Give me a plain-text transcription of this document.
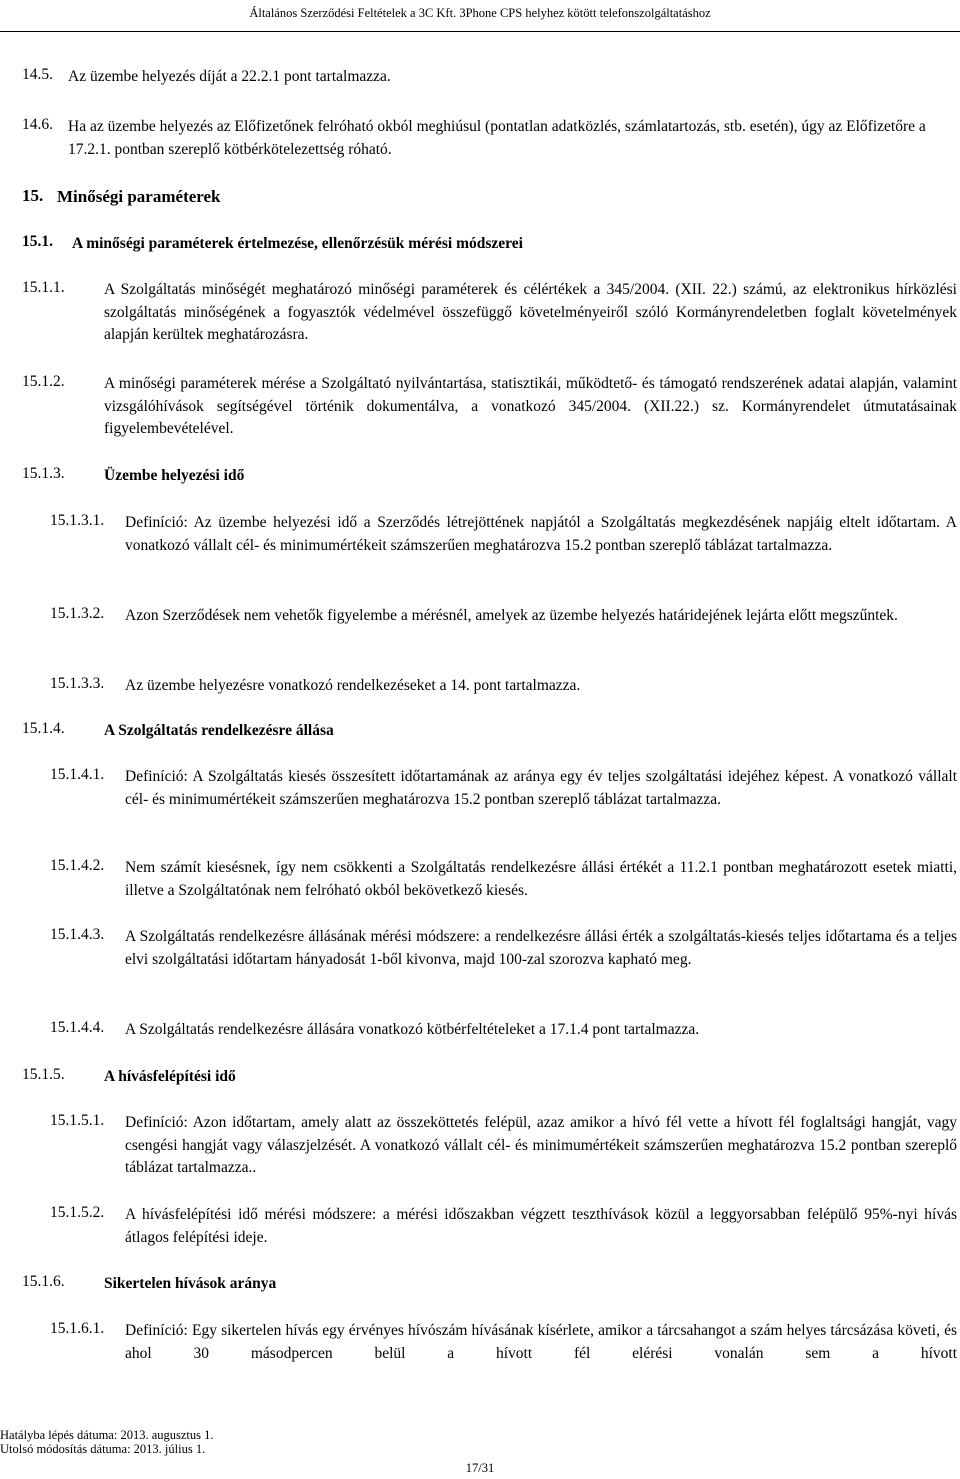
Általános Szerződési Feltételek a 3C Kft. 3Phone CPS helyhez kötött telefonszolgáltatáshoz
14.5. Az üzembe helyezés díját a 22.2.1 pont tartalmazza.

14.6. Ha az üzembe helyezés az Előfizetőnek felróható okból meghiúsul (pontatlan adatközlés, számlatartozás, stb. esetén), úgy az Előfizetőre a 17.2.1. pontban szereplő kötbérkötelezettség róható.

15. Minőségi paraméterek

15.1. A minőségi paraméterek értelmezése, ellenőrzésük mérési módszerei

15.1.1.	A Szolgáltatás minőségét meghatározó minőségi paraméterek és célértékek a 345/2004. (XII. 22.) számú, az elektronikus hírközlési szolgáltatás minőségének a fogyasztók védelmével összefüggő követelményeiről szóló Kormányrendeletben foglalt követelmények alapján kerültek meghatározásra.

15.1.2.	A minőségi paraméterek mérése a Szolgáltató nyilvántartása, statisztikái, működtető- és támogató rendszerének adatai alapján, valamint vizsgálóhívások segítségével történik dokumentálva, a vonatkozó 345/2004. (XII.22.) sz. Kormányrendelet útmutatásainak figyelembevételével.

15.1.3.	Üzembe helyezési idő

15.1.3.1. Definíció: Az üzembe helyezési idő a Szerződés létrejöttének napjától a Szolgáltatás megkezdésének napjáig eltelt időtartam. A vonatkozó vállalt cél- és minimumértékeit számszerűen meghatározva 15.2 pontban szereplő táblázat tartalmazza.

15.1.3.2. Azon Szerződések nem vehetők figyelembe a mérésnél, amelyek az üzembe helyezés határidejének lejárta előtt megszűntek.

15.1.3.3. Az üzembe helyezésre vonatkozó rendelkezéseket a 14. pont tartalmazza.

15.1.4.	A Szolgáltatás rendelkezésre állása

15.1.4.1. Definíció: A Szolgáltatás kiesés összesített időtartamának az aránya egy év teljes szolgáltatási idejéhez képest. A vonatkozó vállalt cél- és minimumértékeit számszerűen meghatározva 15.2 pontban szereplő táblázat tartalmazza.

15.1.4.2. Nem számít kiesésnek, így nem csökkenti a Szolgáltatás rendelkezésre állási értékét a 11.2.1 pontban meghatározott esetek miatti, illetve a Szolgáltatónak nem felróható okból bekövetkező kiesés.

15.1.4.3. A Szolgáltatás rendelkezésre állásának mérési módszere: a rendelkezésre állási érték a szolgáltatás-kiesés teljes időtartama és a teljes elvi szolgáltatási időtartam hányadosát 1-ből kivonva, majd 100-zal szorozva kapható meg.

15.1.4.4. A Szolgáltatás rendelkezésre állására vonatkozó kötbérfeltételeket a 17.1.4 pont tartalmazza.

15.1.5.	A hívásfelépítési idő

15.1.5.1. Definíció: Azon időtartam, amely alatt az összeköttetés felépül, azaz amikor a hívó fél vette a hívott fél foglaltsági hangját, vagy csengési hangját vagy válaszjelzését. A vonatkozó vállalt cél- és minimumértékeit számszerűen meghatározva 15.2 pontban szereplő táblázat tartalmazza..

15.1.5.2. A hívásfelépítési idő mérési módszere: a mérési időszakban végzett teszthívások közül a leggyorsabban felépülő 95%-nyi hívás átlagos felépítési ideje.

15.1.6.	Sikertelen hívások aránya

15.1.6.1. Definíció: Egy sikertelen hívás egy érvényes hívószám hívásának kísérlete, amikor a tárcsahangot a szám helyes tárcsázása követi, és ahol 30 másodpercen belül a hívott fél elérési vonalán sem a hívott

Hatályba lépés dátuma: 2013. augusztus 1.
Utolsó módosítás dátuma: 2013. július 1.
17/31
